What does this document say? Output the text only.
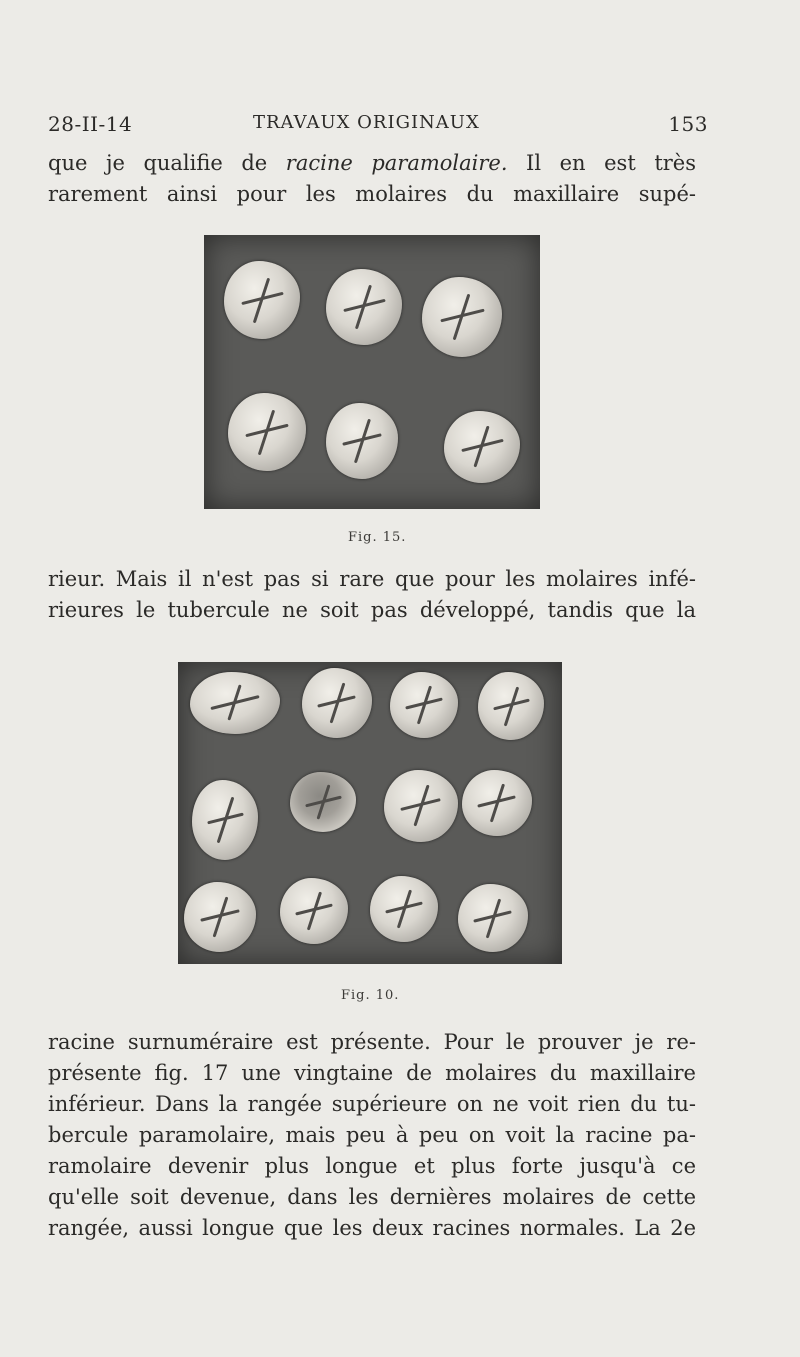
28-II-14	TRAVAUX ORIGINAUX	153
que je qualifie de racine paramolaire. Il en est très
rarement ainsi pour les molaires du maxillaire supé-
Fig. 15.
rieur. Mais il n'est pas si rare que pour les molaires infé-
rieures le tubercule ne soit pas développé, tandis que la
Fig. 10.
racine surnuméraire est présente. Pour le prouver je re-
présente fig. 17 une vingtaine de molaires du maxillaire
inférieur. Dans la rangée supérieure on ne voit rien du tu-
bercule paramolaire, mais peu à peu on voit la racine pa-
ramolaire devenir plus longue et plus forte jusqu'à ce
qu'elle soit devenue, dans les dernières molaires de cette
rangée, aussi longue que les deux racines normales. La 2e
